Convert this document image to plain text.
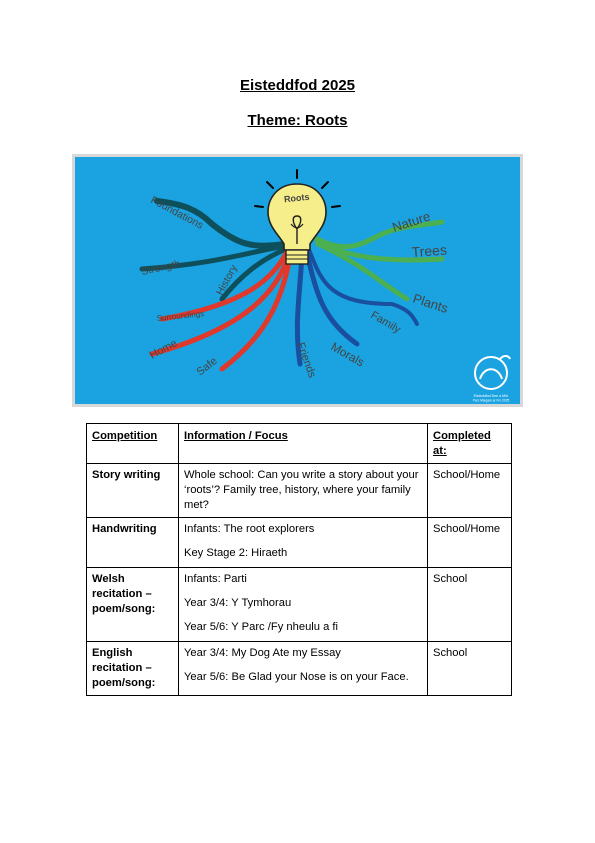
Eisteddfod 2025
Theme: Roots
Roots
Foundations
Strength	History
Surroundings
Home
Safe	Friends Morals
Family
Plants
Trees
Nature
Eisteddfod Dee a Môr
Parc Margam ar Fro 2025
Competition	Information / Focus	Completed at:
Story writing	Whole school: Can you write a story about your ‘roots’? Family tree, history, where your family met?	School/Home
Handwriting	Infants: The root explorers
Key Stage 2: Hiraeth	School/Home
Welsh recitation – poem/song:	Infants: Parti
Year 3/4: Y Tymhorau
Year 5/6: Y Parc /Fy nheulu a fi	School
English recitation – poem/song:	Year 3/4: My Dog Ate my Essay
Year 5/6: Be Glad your Nose is on your Face.	School
